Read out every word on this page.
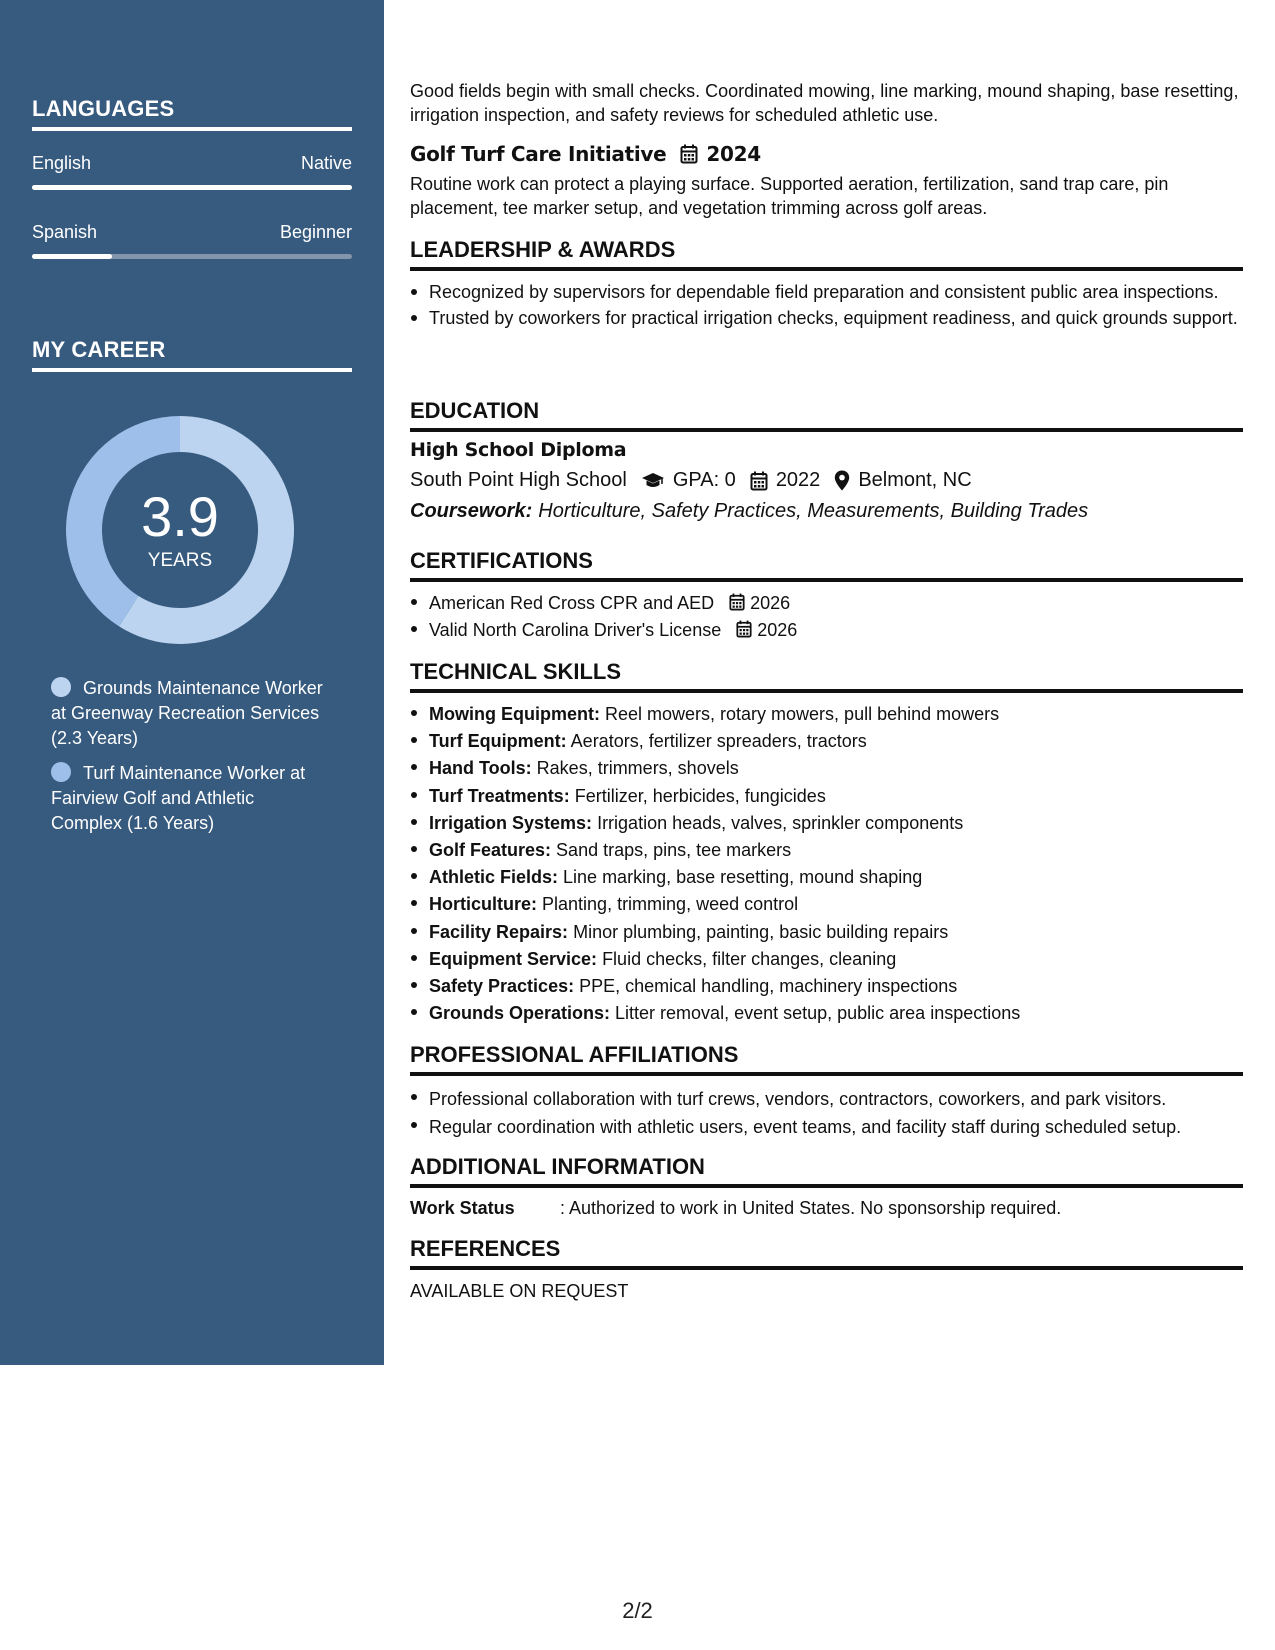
LANGUAGES
English	Native
Spanish	Beginner
MY CAREER
3.9
YEARS
Grounds Maintenance Worker at Greenway Recreation Services (2.3 Years)
Turf Maintenance Worker at Fairview Golf and Athletic Complex (1.6 Years)
Good fields begin with small checks. Coordinated mowing, line marking, mound shaping, base resetting, irrigation inspection, and safety reviews for scheduled athletic use.
Golf Turf Care Initiative 2024
Routine work can protect a playing surface. Supported aeration, fertilization, sand trap care, pin placement, tee marker setup, and vegetation trimming across golf areas.
LEADERSHIP & AWARDS
Recognized by supervisors for dependable field preparation and consistent public area inspections.
Trusted by coworkers for practical irrigation checks, equipment readiness, and quick grounds support.
EDUCATION
High School Diploma
South Point High School GPA: 0 2022 Belmont, NC
Coursework: Horticulture, Safety Practices, Measurements, Building Trades
CERTIFICATIONS
American Red Cross CPR and AED 2026
Valid North Carolina Driver's License 2026
TECHNICAL SKILLS
Mowing Equipment: Reel mowers, rotary mowers, pull behind mowers
Turf Equipment: Aerators, fertilizer spreaders, tractors
Hand Tools: Rakes, trimmers, shovels
Turf Treatments: Fertilizer, herbicides, fungicides
Irrigation Systems: Irrigation heads, valves, sprinkler components
Golf Features: Sand traps, pins, tee markers
Athletic Fields: Line marking, base resetting, mound shaping
Horticulture: Planting, trimming, weed control
Facility Repairs: Minor plumbing, painting, basic building repairs
Equipment Service: Fluid checks, filter changes, cleaning
Safety Practices: PPE, chemical handling, machinery inspections
Grounds Operations: Litter removal, event setup, public area inspections
PROFESSIONAL AFFILIATIONS
Professional collaboration with turf crews, vendors, contractors, coworkers, and park visitors.
Regular coordination with athletic users, event teams, and facility staff during scheduled setup.
ADDITIONAL INFORMATION
Work Status	: Authorized to work in United States. No sponsorship required.
REFERENCES
AVAILABLE ON REQUEST
2/2
